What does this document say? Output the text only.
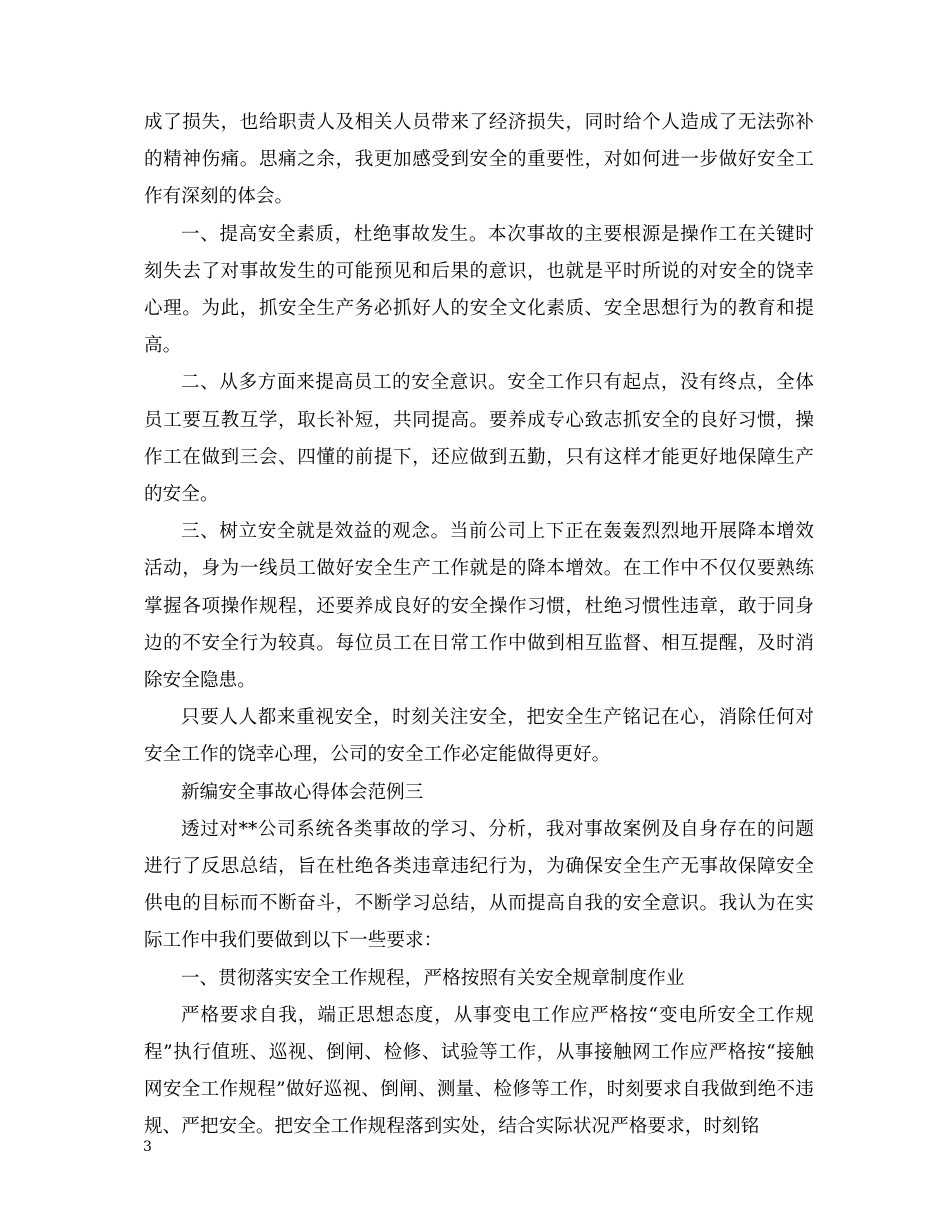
成了损失，也给职责人及相关人员带来了经济损失，同时给个人造成了无法弥补的精神伤痛。思痛之余，我更加感受到安全的重要性，对如何进一步做好安全工作有深刻的体会。

一、提高安全素质，杜绝事故发生。本次事故的主要根源是操作工在关键时刻失去了对事故发生的可能预见和后果的意识，也就是平时所说的对安全的饶幸心理。为此，抓安全生产务必抓好人的安全文化素质、安全思想行为的教育和提高。

二、从多方面来提高员工的安全意识。安全工作只有起点，没有终点，全体员工要互教互学，取长补短，共同提高。要养成专心致志抓安全的良好习惯，操作工在做到三会、四懂的前提下，还应做到五勤，只有这样才能更好地保障生产的安全。

三、树立安全就是效益的观念。当前公司上下正在轰轰烈烈地开展降本增效活动，身为一线员工做好安全生产工作就是的降本增效。在工作中不仅仅要熟练掌握各项操作规程，还要养成良好的安全操作习惯，杜绝习惯性违章，敢于同身边的不安全行为较真。每位员工在日常工作中做到相互监督、相互提醒，及时消除安全隐患。

只要人人都来重视安全，时刻关注安全，把安全生产铭记在心，消除任何对安全工作的饶幸心理，公司的安全工作必定能做得更好。

新编安全事故心得体会范例三

透过对**公司系统各类事故的学习、分析，我对事故案例及自身存在的问题进行了反思总结，旨在杜绝各类违章违纪行为，为确保安全生产无事故保障安全供电的目标而不断奋斗，不断学习总结，从而提高自我的安全意识。我认为在实际工作中我们要做到以下一些要求：

一、贯彻落实安全工作规程，严格按照有关安全规章制度作业

严格要求自我，端正思想态度，从事变电工作应严格按“变电所安全工作规程”执行值班、巡视、倒闸、检修、试验等工作，从事接触网工作应严格按“接触网安全工作规程”做好巡视、倒闸、测量、检修等工作，时刻要求自我做到绝不违规、严把安全。把安全工作规程落到实处，结合实际状况严格要求，时刻铭

3
